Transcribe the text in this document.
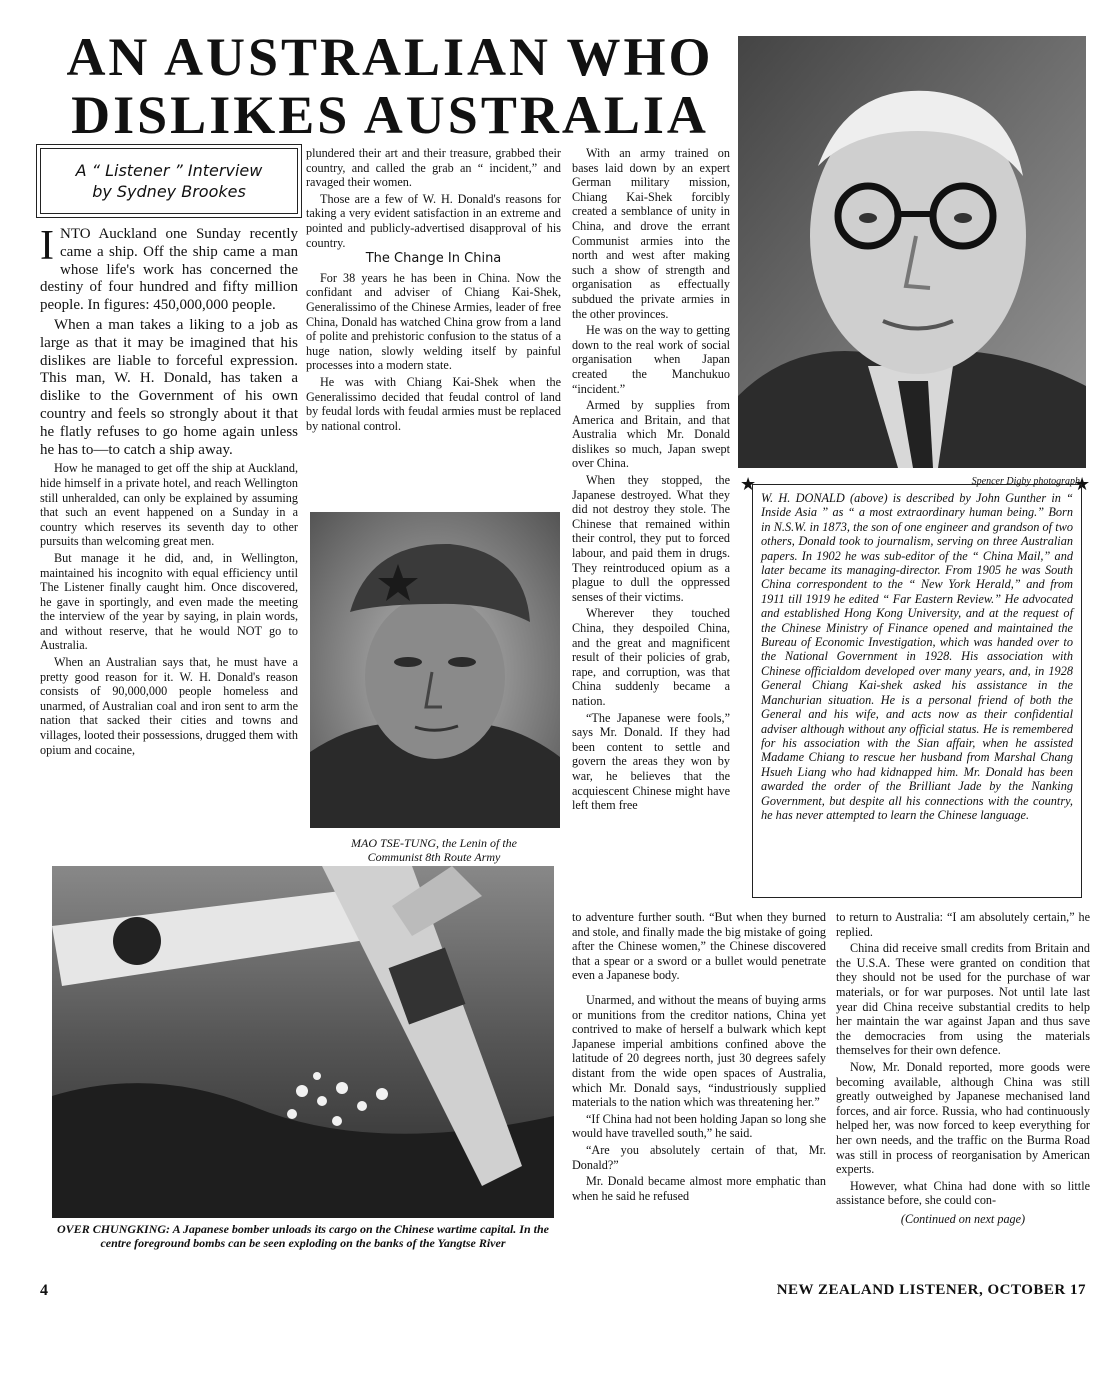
AN AUSTRALIAN WHO
DISLIKES AUSTRALIA
A “ Listener ” Interview
by Sydney Brookes

INTO Auckland one Sunday recently came a ship. Off the ship came a man whose life's work has concerned the destiny of four hundred and fifty million people. In figures: 450,000,000 people.

When a man takes a liking to a job as large as that it may be imagined that his dislikes are liable to forceful expression. This man, W. H. Donald, has taken a dislike to the Government of his own country and feels so strongly about it that he flatly refuses to go home again unless he has to—to catch a ship away.

How he managed to get off the ship at Auckland, hide himself in a private hotel, and reach Wellington still unheralded, can only be explained by assuming that such an event happened on a Sunday in a country which reserves its seventh day to other pursuits than welcoming great men.

But manage it he did, and, in Wellington, maintained his incognito with equal efficiency until The Listener finally caught him. Once discovered, he gave in sportingly, and even made the meeting the interview of the year by saying, in plain words, and without reserve, that he would NOT go to Australia.

When an Australian says that, he must have a pretty good reason for it. W. H. Donald's reason consists of 90,000,000 people homeless and unarmed, of Australian coal and iron sent to arm the nation that sacked their cities and towns and villages, looted their possessions, drugged them with opium and cocaine,

plundered their art and their treasure, grabbed their country, and called the grab an “ incident,” and ravaged their women.

Those are a few of W. H. Donald's reasons for taking a very evident satisfaction in an extreme and pointed and publicly-advertised disapproval of his country.

The Change In China

For 38 years he has been in China. Now the confidant and adviser of Chiang Kai-Shek, Generalissimo of the Chinese Armies, leader of free China, Donald has watched China grow from a land of polite and prehistoric confusion to the status of a huge nation, slowly welding itself by painful processes into a modern state.

He was with Chiang Kai-Shek when the Generalissimo decided that feudal control of land by feudal lords with feudal armies must be replaced by national control.

MAO TSE-TUNG, the Lenin of the
Communist 8th Route Army

With an army trained on bases laid down by an expert German military mission, Chiang Kai-Shek forcibly created a semblance of unity in China, and drove the errant Communist armies into the north and west after making such a show of strength and organisation as effectually subdued the private armies in the other provinces.

He was on the way to getting down to the real work of social organisation when Japan created the Manchukuo “incident.”

Armed by supplies from America and Britain, and that Australia which Mr. Donald dislikes so much, Japan swept over China.

When they stopped, the Japanese destroyed. What they did not destroy they stole. The Chinese that remained within their control, they put to forced labour, and paid them in drugs. They reintroduced opium as a plague to dull the oppressed senses of their victims.

Wherever they touched China, they despoiled China, and the great and magnificent result of their policies of grab, rape, and corruption, was that China suddenly became a nation.

“The Japanese were fools,” says Mr. Donald. If they had been content to settle and govern the areas they won by war, he believes that the acquiescent Chinese might have left them free

★	★
Spencer Digby photograph

W. H. DONALD (above) is described by John Gunther in “ Inside Asia ” as “ a most extraordinary human being.” Born in N.S.W. in 1873, the son of one engineer and grandson of two others, Donald took to journalism, serving on three Australian papers. In 1902 he was sub-editor of the “ China Mail,” and later became its managing-director. From 1905 he was South China correspondent to the “ New York Herald,” and from 1911 till 1919 he edited “ Far Eastern Review.” He advocated and established Hong Kong University, and at the request of the Chinese Ministry of Finance opened and maintained the Bureau of Economic Investigation, which was handed over to the National Government in 1928. His association with Chinese officialdom developed over many years, and, in 1928 General Chiang Kai-shek asked his assistance in the Manchurian situation. He is a personal friend of both the General and his wife, and acts now as their confidential adviser although without any official status. He is remembered for his association with the Sian affair, when he assisted Madame Chiang to rescue her husband from Marshal Chang Hsueh Liang who had kidnapped him. Mr. Donald has been awarded the order of the Brilliant Jade by the Nanking Government, but despite all his connections with the country, he has never attempted to learn the Chinese language.

OVER CHUNGKING: A Japanese bomber unloads its cargo on the Chinese wartime capital. In the centre foreground bombs can be seen exploding on the banks of the Yangtse River

to adventure further south. “But when they burned and stole, and finally made the big mistake of going after the Chinese women,” the Chinese discovered that a spear or a sword or a bullet would penetrate even a Japanese body.

Unarmed, and without the means of buying arms or munitions from the creditor nations, China yet contrived to make of herself a bulwark which kept Japanese imperial ambitions confined above the latitude of 20 degrees north, just 30 degrees safely distant from the wide open spaces of Australia, which Mr. Donald says, “industriously supplied materials to the nation which was threatening her.”

“If China had not been holding Japan so long she would have travelled south,” he said.

“Are you absolutely certain of that, Mr. Donald?”

Mr. Donald became almost more emphatic than when he said he refused

to return to Australia: “I am absolutely certain,” he replied.

China did receive small credits from Britain and the U.S.A. These were granted on condition that they should not be used for the purchase of war materials, or for war purposes. Not until late last year did China receive substantial credits to help her maintain the war against Japan and thus save the democracies from using the materials themselves for their own defence.

Now, Mr. Donald reported, more goods were becoming available, although China was still greatly outweighed by Japanese mechanised land forces, and air force. Russia, who had continuously helped her, was now forced to keep everything for her own needs, and the traffic on the Burma Road was still in process of reorganisation by American experts.

However, what China had done with so little assistance before, she could con-

(Continued on next page)

4	NEW ZEALAND LISTENER, OCTOBER 17
